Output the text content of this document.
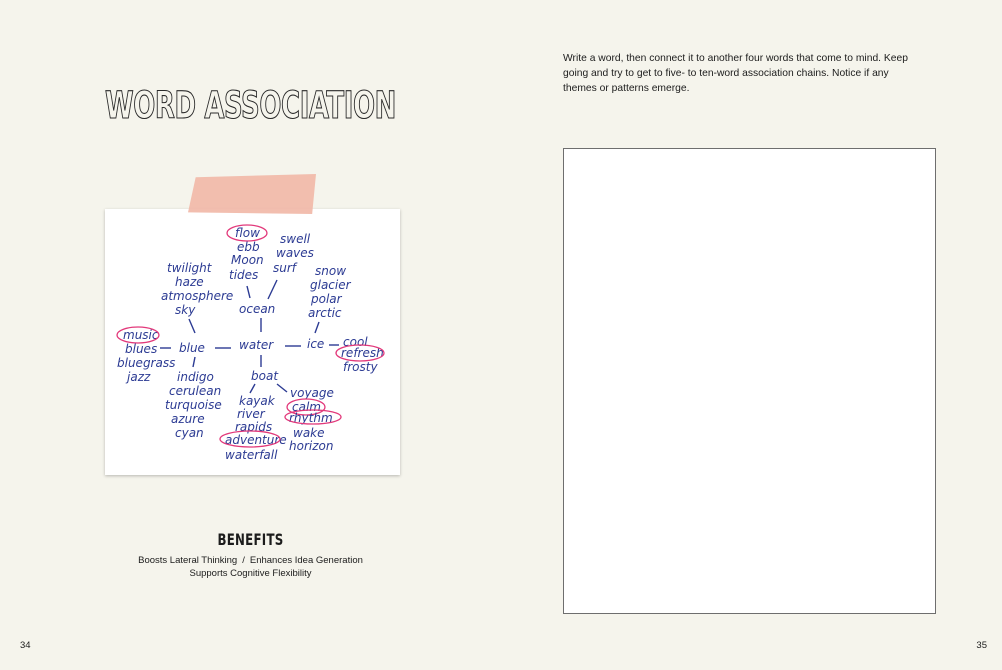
WORD ASSOCIATION
flow
ebb
Moon
tides
ocean
swell
waves
surf
twilight
haze
atmosphere
sky
music
blues
bluegrass
jazz
blue	water	ice cool
refresh
frosty
snow
glacier
polar
arctic
indigo
cerulean
turquoise
azure
cyan
boat
kayak
river
rapids
adventure
waterfall
voyage
calm
rhythm
wake
horizon
BENEFITS
Boosts Lateral Thinking / Enhances Idea Generation
Supports Cognitive Flexibility
34

Write a word, then connect it to another four words that come to mind. Keep going and try to get to five- to ten-word association chains. Notice if any themes or patterns emerge.

35
